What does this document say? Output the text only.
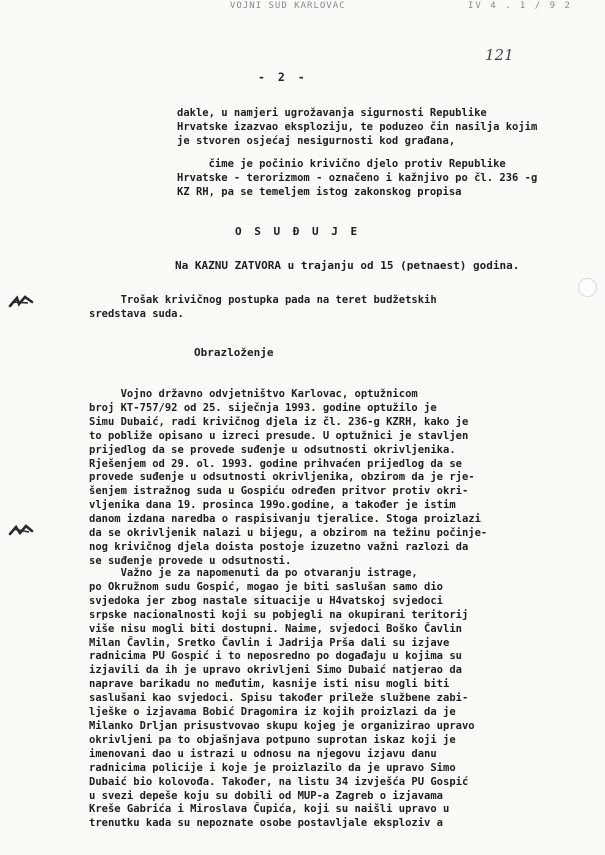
VOJNI SUD KARLOVAC	IV 4 . 1 / 9 2
121
- 2 -
dakle, u namjeri ugrožavanja sigurnosti Republike
Hrvatske izazvao eksploziju, te poduzeo čin nasilja kojim
je stvoren osjećaj nesigurnosti kod građana,
čime je počinio krivično djelo protiv Republike
Hrvatske - terorizmom - označeno i kažnjivo po čl. 236 -g
KZ RH, pa se temeljem istog zakonskog propisa
O S U Đ U J E
Na KAZNU ZATVORA u trajanju od 15 (petnaest) godina.
Trošak krivičnog postupka pada na teret budžetskih
sredstava suda.
Obrazloženje
Vojno državno odvjetništvo Karlovac, optužnicom
broj KT-757/92 od 25. siječnja 1993. godine optužilo je
Simu Dubaić, radi krivičnog djela iz čl. 236-g KZRH, kako je
to pobliže opisano u izreci presude. U optužnici je stavljen
prijedlog da se provede suđenje u odsutnosti okrivljenika.
Rješenjem od 29. ol. 1993. godine prihvaćen prijedlog da se
provede suđenje u odsutnosti okrivljenika, obzirom da je rje-
šenjem istražnog suda u Gospiću određen pritvor protiv okri-
vljenika dana 19. prosinca 199o.godine, a također je istim
danom izdana naredba o raspisivanju tjeralice. Stoga proizlazi
da se okrivljenik nalazi u bijegu, a obzirom na težinu počinje-
nog krivičnog djela doista postoje izuzetno važni razlozi da
se suđenje provede u odsutnosti.
Važno je za napomenuti da po otvaranju istrage,
po Okružnom sudu Gospić, mogao je biti saslušan samo dio
svjedoka jer zbog nastale situacije u H4vatskoj svjedoci
srpske nacionalnosti koji su pobjegli na okupirani teritorij
više nisu mogli biti dostupni. Naime, svjedoci Boško Čavlin
Milan Čavlin, Sretko Čavlin i Jadrija Prša dali su izjave
radnicima PU Gospić i to neposredno po događaju u kojima su
izjavili da ih je upravo okrivljeni Simo Dubaić natjerao da
naprave barikadu no međutim, kasnije isti nisu mogli biti
saslušani kao svjedoci. Spisu također prileže službene zabi-
lješke o izjavama Bobić Dragomira iz kojih proizlazi da je
Milanko Drljan prisustvovao skupu kojeg je organizirao upravo
okrivljeni pa to objašnjava potpuno suprotan iskaz koji je
imenovani dao u istrazi u odnosu na njegovu izjavu danu
radnicima policije i koje je proizlazilo da je upravo Simo
Dubaić bio kolovođa. Također, na listu 34 izvješća PU Gospić
u svezi depeše koju su dobili od MUP-a Zagreb o izjavama
Kreše Gabrića i Miroslava Čupića, koji su naišli upravo u
trenutku kada su nepoznate osobe postavljale eksploziv a
